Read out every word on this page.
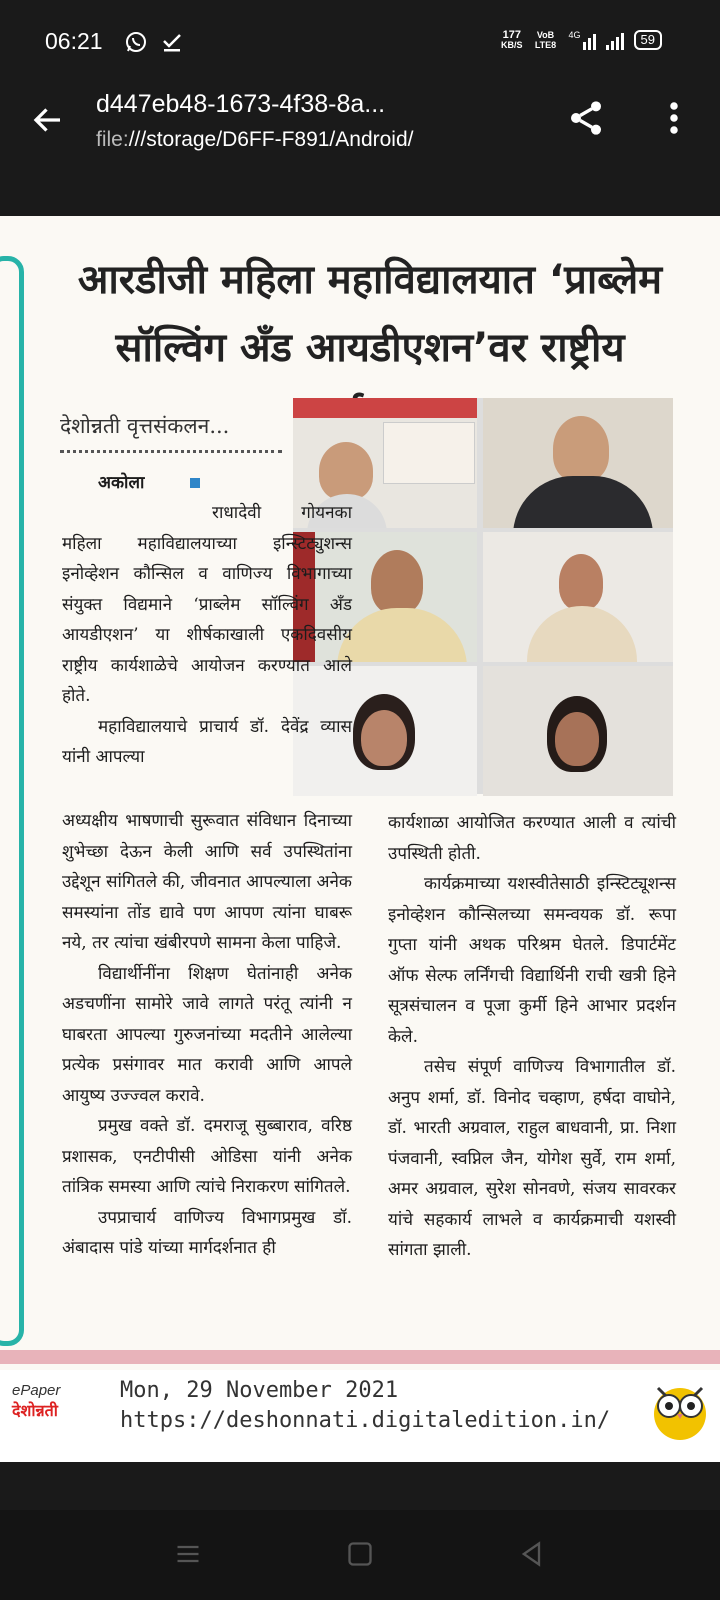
06:21	177
KB/S
VoB LTE8
4G	59
d447eb48-1673-4f38-8a...
file:///storage/D6FF-F891/Android/
आरडीजी महिला महाविद्यालयात ‘प्राब्लेम
सॉल्विंग अँड आयडीएशन’वर राष्ट्रीय
देशोन्नती वृत्तसंकलन...
अकोला

राधादेवी गोयनका महिला महाविद्यालयाच्या इन्स्टिट्युशन्स इनोव्हेशन कौन्सिल व वाणिज्य विभागाच्या संयुक्त विद्यमाने ‘प्राब्लेम सॉल्विंग अँड आयडीएशन’ या शीर्षकाखाली एकदिवसीय राष्ट्रीय कार्यशाळेचे आयोजन करण्यात आले होते.

महाविद्यालयाचे प्राचार्य डॉ. देवेंद्र व्यास यांनी आपल्या

अध्यक्षीय भाषणाची सुरूवात संविधान दिनाच्या शुभेच्छा देऊन केली आणि सर्व उपस्थितांना उद्देशून सांगितले की, जीवनात आपल्याला अनेक समस्यांना तोंड द्यावे पण आपण त्यांना घाबरू नये, तर त्यांचा खंबीरपणे सामना केला पाहिजे.

विद्यार्थीनींना शिक्षण घेतांनाही अनेक अडचणींना सामोरे जावे लागते परंतू त्यांनी न घाबरता आपल्या गुरुजनांच्या मदतीने आलेल्या प्रत्येक प्रसंगावर मात करावी आणि आपले आयुष्य उज्ज्वल करावे.

प्रमुख वक्ते डॉ. दमराजू सुब्बाराव, वरिष्ठ प्रशासक, एनटीपीसी ओडिसा यांनी अनेक तांत्रिक समस्या आणि त्यांचे निराकरण सांगितले.

उपप्राचार्य वाणिज्य विभागप्रमुख डॉ. अंबादास पांडे यांच्या मार्गदर्शनात ही

कार्यशाळा आयोजित करण्यात आली व त्यांची उपस्थिती होती.

कार्यक्रमाच्या यशस्वीतेसाठी इन्स्टिट्यूशन्स इनोव्हेशन कौन्सिलच्या समन्वयक डॉ. रूपा गुप्ता यांनी अथक परिश्रम घेतले. डिपार्टमेंट ऑफ सेल्फ लर्निंगची विद्यार्थिनी राची खत्री हिने सूत्रसंचालन व पूजा कुर्मी हिने आभार प्रदर्शन केले.

तसेच संपूर्ण वाणिज्य विभागातील डॉ. अनुप शर्मा, डॉ. विनोद चव्हाण, हर्षदा वाघोने, डॉ. भारती अग्रवाल, राहुल बाधवानी, प्रा. निशा पंजवानी, स्वप्निल जैन, योगेश सुर्वे, राम शर्मा, अमर अग्रवाल, सुरेश सोनवणे, संजय सावरकर यांचे सहकार्य लाभले व कार्यक्रमाची यशस्वी सांगता झाली.

ePaper
देशोन्नती
Mon, 29 November 2021
https://deshonnati.digitaledition.in/
